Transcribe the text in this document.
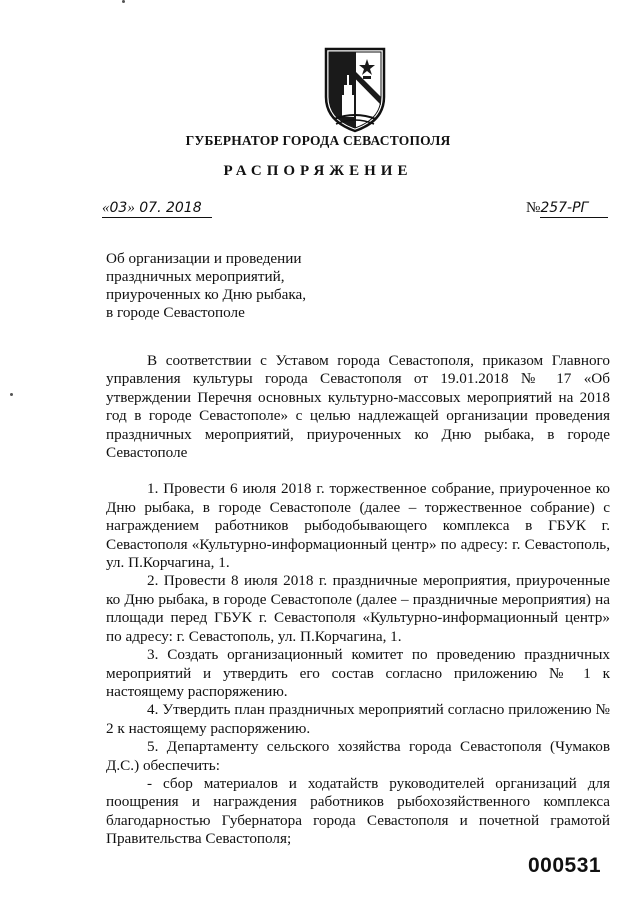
ГУБЕРНАТОР ГОРОДА СЕВАСТОПОЛЯ
РАСПОРЯЖЕНИЕ
«03» 07. 2018	№257-РГ
Об организации и проведении
праздничных мероприятий,
приуроченных ко Дню рыбака,
в городе Севастополе

В соответствии с Уставом города Севастополя, приказом Главного управления культуры города Севастополя от 19.01.2018 № 17 «Об утверждении Перечня основных культурно-массовых мероприятий на 2018 год в городе Севастополе» с целью надлежащей организации проведения праздничных мероприятий, приуроченных ко Дню рыбака, в городе Севастополе

1. Провести 6 июля 2018 г. торжественное собрание, приуроченное ко Дню рыбака, в городе Севастополе (далее – торжественное собрание) с награждением работников рыбодобывающего комплекса в ГБУК г. Севастополя «Культурно-информационный центр» по адресу: г. Севастополь, ул. П.Корчагина, 1.

2. Провести 8 июля 2018 г. праздничные мероприятия, приуроченные ко Дню рыбака, в городе Севастополе (далее – праздничные мероприятия) на площади перед ГБУК г. Севастополя «Культурно-информационный центр» по адресу: г. Севастополь, ул. П.Корчагина, 1.

3. Создать организационный комитет по проведению праздничных мероприятий и утвердить его состав согласно приложению № 1 к настоящему распоряжению.

4. Утвердить план праздничных мероприятий согласно приложению № 2 к настоящему распоряжению.

5. Департаменту сельского хозяйства города Севастополя (Чумаков Д.С.) обеспечить:

- сбор материалов и ходатайств руководителей организаций для поощрения и награждения работников рыбохозяйственного комплекса благодарностью Губернатора города Севастополя и почетной грамотой Правительства Севастополя;

000531
